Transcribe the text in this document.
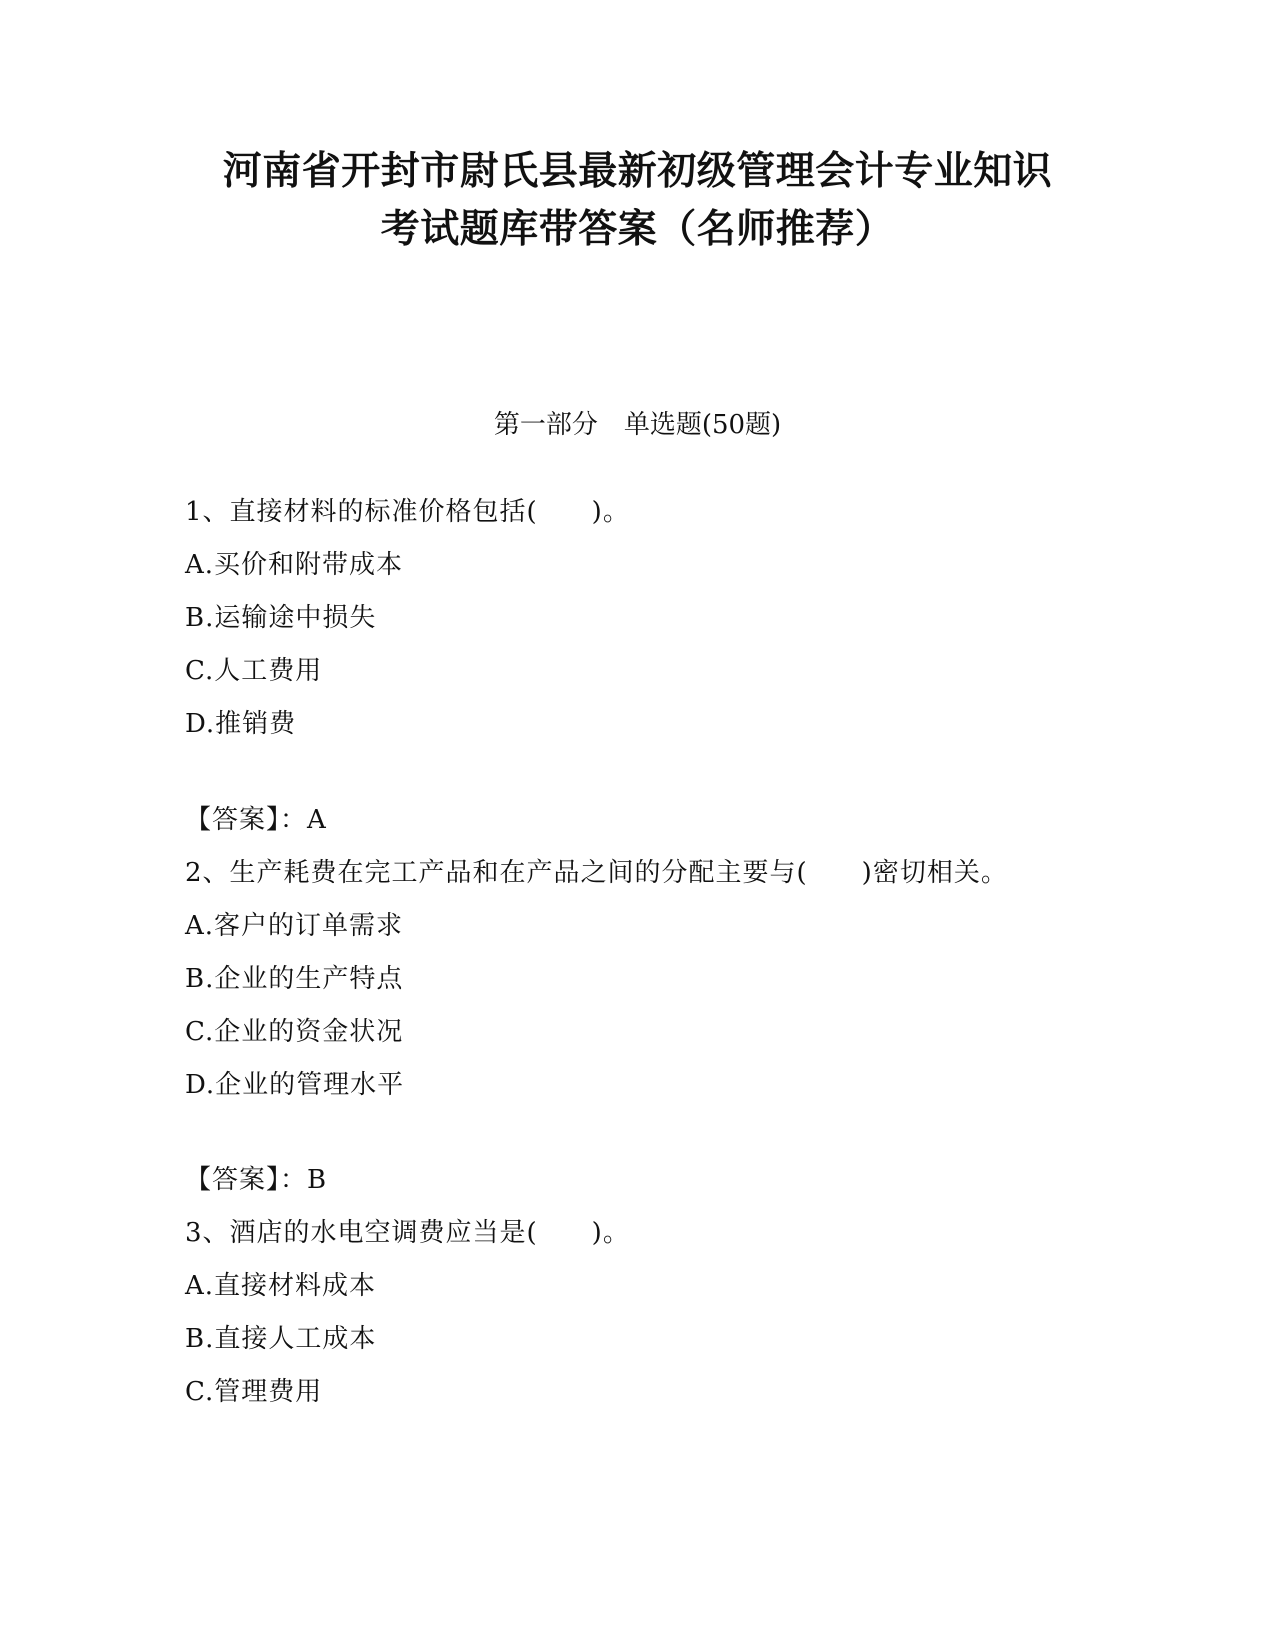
河南省开封市尉氏县最新初级管理会计专业知识
考试题库带答案（名师推荐）
第一部分　单选题(50题)
1、直接材料的标准价格包括(　　)。
A.买价和附带成本
B.运输途中损失
C.人工费用
D.推销费
【答案】：A
2、生产耗费在完工产品和在产品之间的分配主要与(　　)密切相关。
A.客户的订单需求
B.企业的生产特点
C.企业的资金状况
D.企业的管理水平
【答案】：B
3、酒店的水电空调费应当是(　　)。
A.直接材料成本
B.直接人工成本
C.管理费用
